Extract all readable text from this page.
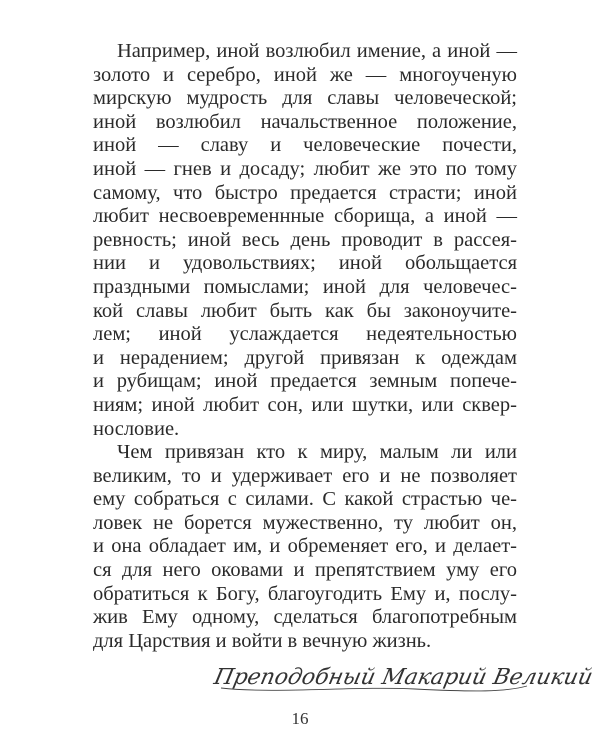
Например, иной возлюбил имение, а иной —
золото и серебро, иной же — многоученую
мирскую мудрость для славы человеческой;
иной возлюбил начальственное положение,
иной — славу и человеческие почести,
иной — гнев и досаду; любит же это по тому
самому, что быстро предается страсти; иной
любит несвоевременнные сборища, а иной —
ревность; иной весь день проводит в рассея-
нии и удовольствиях; иной обольщается
праздными помыслами; иной для человечес-
кой славы любит быть как бы законоучите-
лем; иной услаждается недеятельностью
и нерадением; другой привязан к одеждам
и рубищам; иной предается земным попече-
ниям; иной любит сон, или шутки, или сквер-
нословие.
Чем привязан кто к миру, малым ли или
великим, то и удерживает его и не позволяет
ему собраться с силами. С какой страстью че-
ловек не борется мужественно, ту любит он,
и она обладает им, и обременяет его, и делает-
ся для него оковами и препятствием уму его
обратиться к Богу, благоугодить Ему и, послу-
жив Ему одному, сделаться благопотребным
для Царствия и войти в вечную жизнь.
Преподобный Макарий Великий
16
